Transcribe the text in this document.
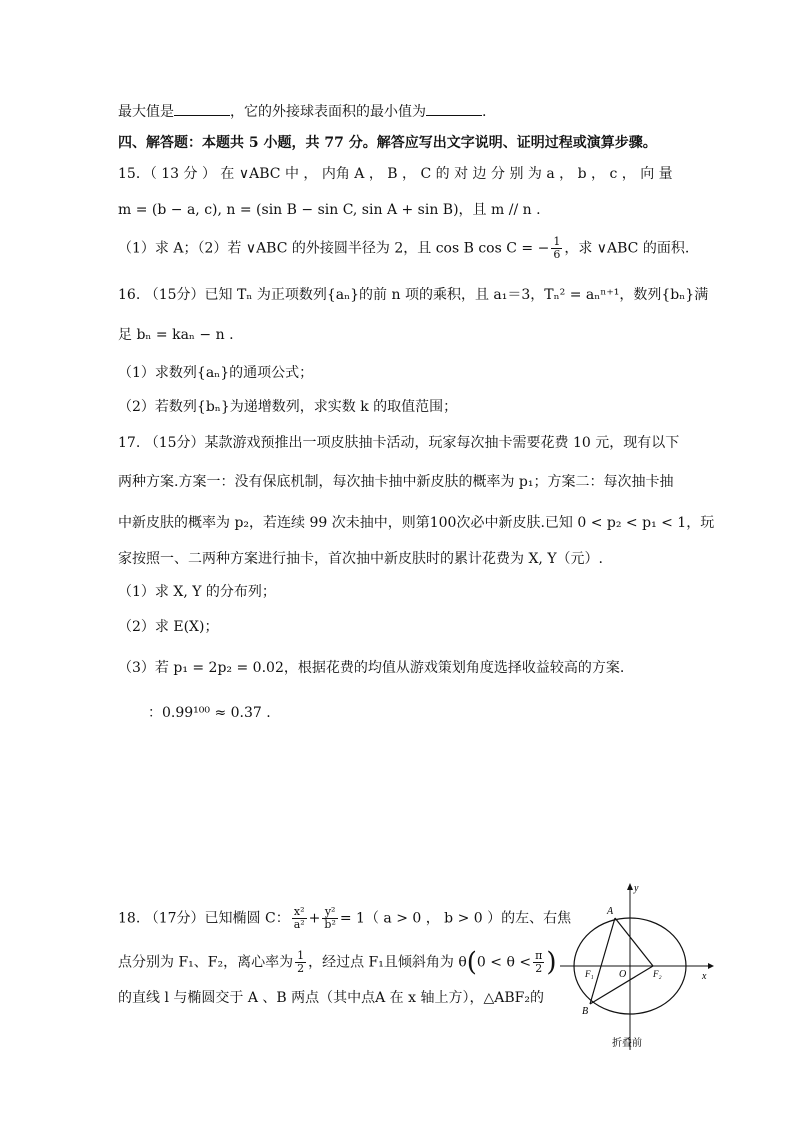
最大值是	，它的外接球表面积的最小值为	.
四、解答题：本题共 5 小题，共 77 分。解答应写出文字说明、证明过程或演算步骤。
15．（ 13 分 ） 在 ∨ABC 中 ， 内角 A ， B ， C 的 对 边 分 别 为 a ， b ， c ， 向 量
m = (b − a, c), n = (sin B − sin C, sin A + sin B)，且 m // n .
（1）求 A；（2）若 ∨ABC 的外接圆半径为 2，且 cos B cos C = − $\frac{1}{6}$ ，求 ∨ABC 的面积.
16. （15分）已知 Tₙ 为正项数列{aₙ}的前 n 项的乘积，且 a₁＝3，Tₙ² = aₙⁿ⁺¹，数列{bₙ}满
足 bₙ = kaₙ − n .
（1）求数列{aₙ}的通项公式；
（2）若数列{bₙ}为递增数列，求实数 k 的取值范围；
17. （15分）某款游戏预推出一项皮肤抽卡活动，玩家每次抽卡需要花费 10 元，现有以下
两种方案.方案一：没有保底机制，每次抽卡抽中新皮肤的概率为 p₁；方案二：每次抽卡抽
中新皮肤的概率为 p₂，若连续 99 次未抽中，则第100次必中新皮肤.已知 0 < p₂ < p₁ < 1，玩
家按照一、二两种方案进行抽卡，首次抽中新皮肤时的累计花费为 X, Y（元）.
（1）求 X, Y 的分布列；
（2）求 E(X)；
（3）若 p₁ = 2p₂ = 0.02，根据花费的均值从游戏策划角度选择收益较高的方案.
：0.99¹⁰⁰ ≈ 0.37 .
18. （17分）已知椭圆 C： $\frac{\text{x²}}{\text{a²}} + \frac{\text{y²}}{\text{b²}} = 1$（ a > 0 ， b > 0 ）的左、右焦
点分别为 F₁、F₂，离心率为 $\frac{1}{2}$ ，经过点 F₁且倾斜角为 $\theta(0 < \theta < \frac{\pi}{2}$ )
的直线 l 与椭圆交于 A 、B 两点（其中点A 在 x 轴上方），△ABF₂的
y
x
A
B
O
F₁	F₂
折叠前
